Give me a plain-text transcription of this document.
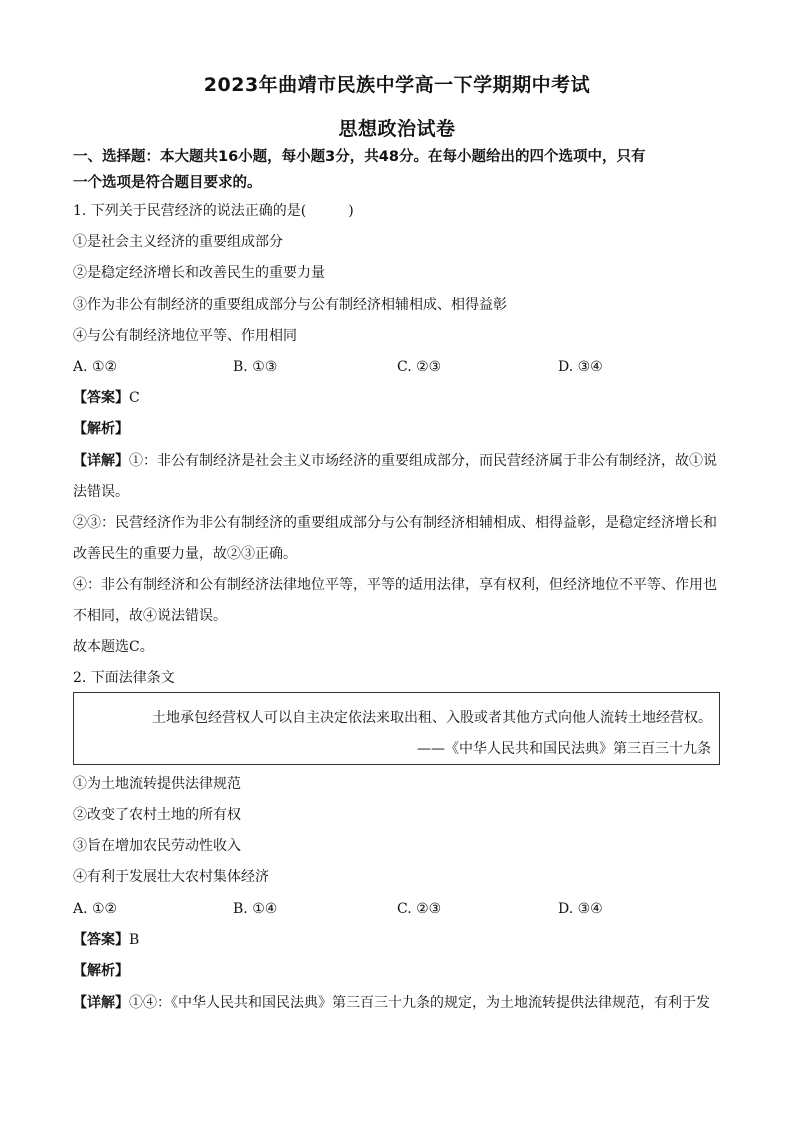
2023年曲靖市民族中学高一下学期期中考试
思想政治试卷
一、选择题：本大题共16小题，每小题3分，共48分。在每小题给出的四个选项中，只有
一个选项是符合题目要求的。
1. 下列关于民营经济的说法正确的是(　　　)
①是社会主义经济的重要组成部分
②是稳定经济增长和改善民生的重要力量
③作为非公有制经济的重要组成部分与公有制经济相辅相成、相得益彰
④与公有制经济地位平等、作用相同
A. ①②	B. ①③	C. ②③	D. ③④
【答案】C
【解析】
【详解】①：非公有制经济是社会主义市场经济的重要组成部分，而民营经济属于非公有制经济，故①说
法错误。
②③：民营经济作为非公有制经济的重要组成部分与公有制经济相辅相成、相得益彰，是稳定经济增长和
改善民生的重要力量，故②③正确。
④：非公有制经济和公有制经济法律地位平等，平等的适用法律，享有权利，但经济地位不平等、作用也
不相同，故④说法错误。
故本题选C。
2. 下面法律条文
土地承包经营权人可以自主决定依法来取出租、入股或者其他方式向他人流转土地经营权。
——《中华人民共和国民法典》第三百三十九条
①为土地流转提供法律规范
②改变了农村土地的所有权
③旨在增加农民劳动性收入
④有利于发展壮大农村集体经济
A. ①②	B. ①④	C. ②③	D. ③④
【答案】B
【解析】
【详解】①④：《中华人民共和国民法典》第三百三十九条的规定，为土地流转提供法律规范，有利于发
